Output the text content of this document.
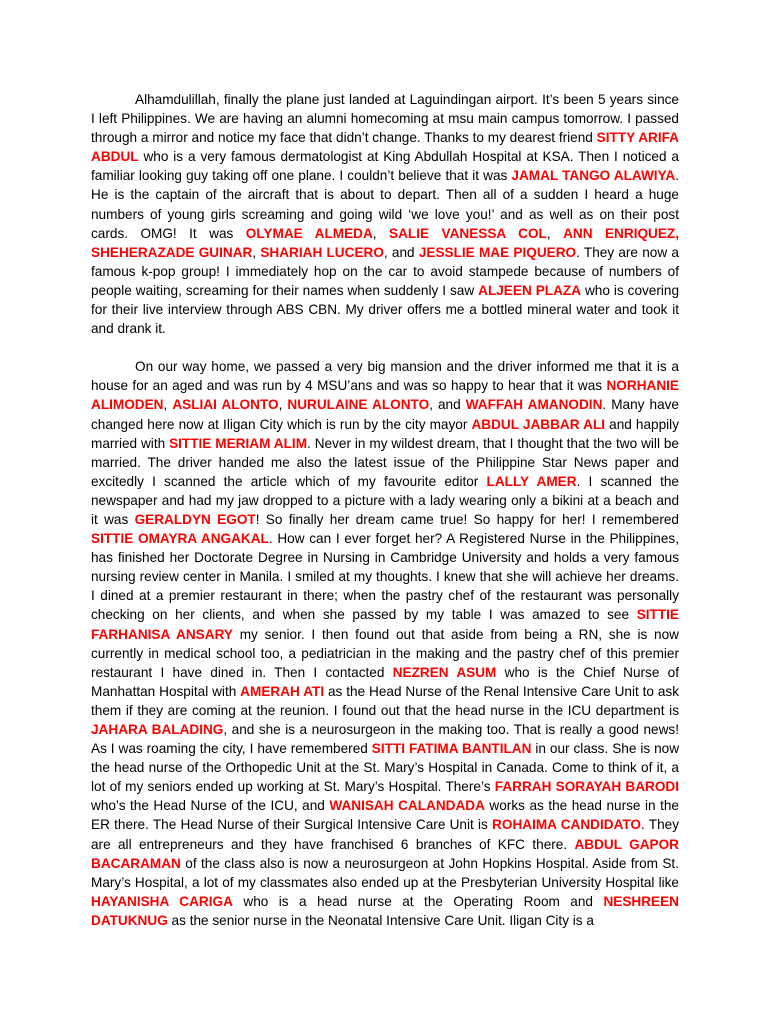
Alhamdulillah, finally the plane just landed at Laguindingan airport. It’s been 5 years since I left Philippines. We are having an alumni homecoming at msu main campus tomorrow. I passed through a mirror and notice my face that didn’t change. Thanks to my dearest friend SITTY ARIFA ABDUL who is a very famous dermatologist at King Abdullah Hospital at KSA. Then I noticed a familiar looking guy taking off one plane. I couldn’t believe that it was JAMAL TANGO ALAWIYA. He is the captain of the aircraft that is about to depart. Then all of a sudden I heard a huge numbers of young girls screaming and going wild ‘we love you!’ and as well as on their post cards. OMG! It was OLYMAE ALMEDA, SALIE VANESSA COL, ANN ENRIQUEZ, SHEHERAZADE GUINAR, SHARIAH LUCERO, and JESSLIE MAE PIQUERO. They are now a famous k-pop group! I immediately hop on the car to avoid stampede because of numbers of people waiting, screaming for their names when suddenly I saw ALJEEN PLAZA who is covering for their live interview through ABS CBN. My driver offers me a bottled mineral water and took it and drank it.

On our way home, we passed a very big mansion and the driver informed me that it is a house for an aged and was run by 4 MSU’ans and was so happy to hear that it was NORHANIE ALIMODEN, ASLIAI ALONTO, NURULAINE ALONTO, and WAFFAH AMANODIN. Many have changed here now at Iligan City which is run by the city mayor ABDUL JABBAR ALI and happily married with SITTIE MERIAM ALIM. Never in my wildest dream, that I thought that the two will be married. The driver handed me also the latest issue of the Philippine Star News paper and excitedly I scanned the article which of my favourite editor LALLY AMER. I scanned the newspaper and had my jaw dropped to a picture with a lady wearing only a bikini at a beach and it was GERALDYN EGOT! So finally her dream came true! So happy for her! I remembered SITTIE OMAYRA ANGAKAL. How can I ever forget her? A Registered Nurse in the Philippines, has finished her Doctorate Degree in Nursing in Cambridge University and holds a very famous nursing review center in Manila. I smiled at my thoughts. I knew that she will achieve her dreams. I dined at a premier restaurant in there; when the pastry chef of the restaurant was personally checking on her clients, and when she passed by my table I was amazed to see SITTIE FARHANISA ANSARY my senior. I then found out that aside from being a RN, she is now currently in medical school too, a pediatrician in the making and the pastry chef of this premier restaurant I have dined in. Then I contacted NEZREN ASUM who is the Chief Nurse of Manhattan Hospital with AMERAH ATI as the Head Nurse of the Renal Intensive Care Unit to ask them if they are coming at the reunion. I found out that the head nurse in the ICU department is JAHARA BALADING, and she is a neurosurgeon in the making too. That is really a good news! As I was roaming the city, I have remembered SITTI FATIMA BANTILAN in our class. She is now the head nurse of the Orthopedic Unit at the St. Mary’s Hospital in Canada. Come to think of it, a lot of my seniors ended up working at St. Mary’s Hospital. There’s FARRAH SORAYAH BARODI who’s the Head Nurse of the ICU, and WANISAH CALANDADA works as the head nurse in the ER there. The Head Nurse of their Surgical Intensive Care Unit is ROHAIMA CANDIDATO. They are all entrepreneurs and they have franchised 6 branches of KFC there. ABDUL GAPOR BACARAMAN of the class also is now a neurosurgeon at John Hopkins Hospital. Aside from St. Mary’s Hospital, a lot of my classmates also ended up at the Presbyterian University Hospital like HAYANISHA CARIGA who is a head nurse at the Operating Room and NESHREEN DATUKNUG as the senior nurse in the Neonatal Intensive Care Unit. Iligan City is a
